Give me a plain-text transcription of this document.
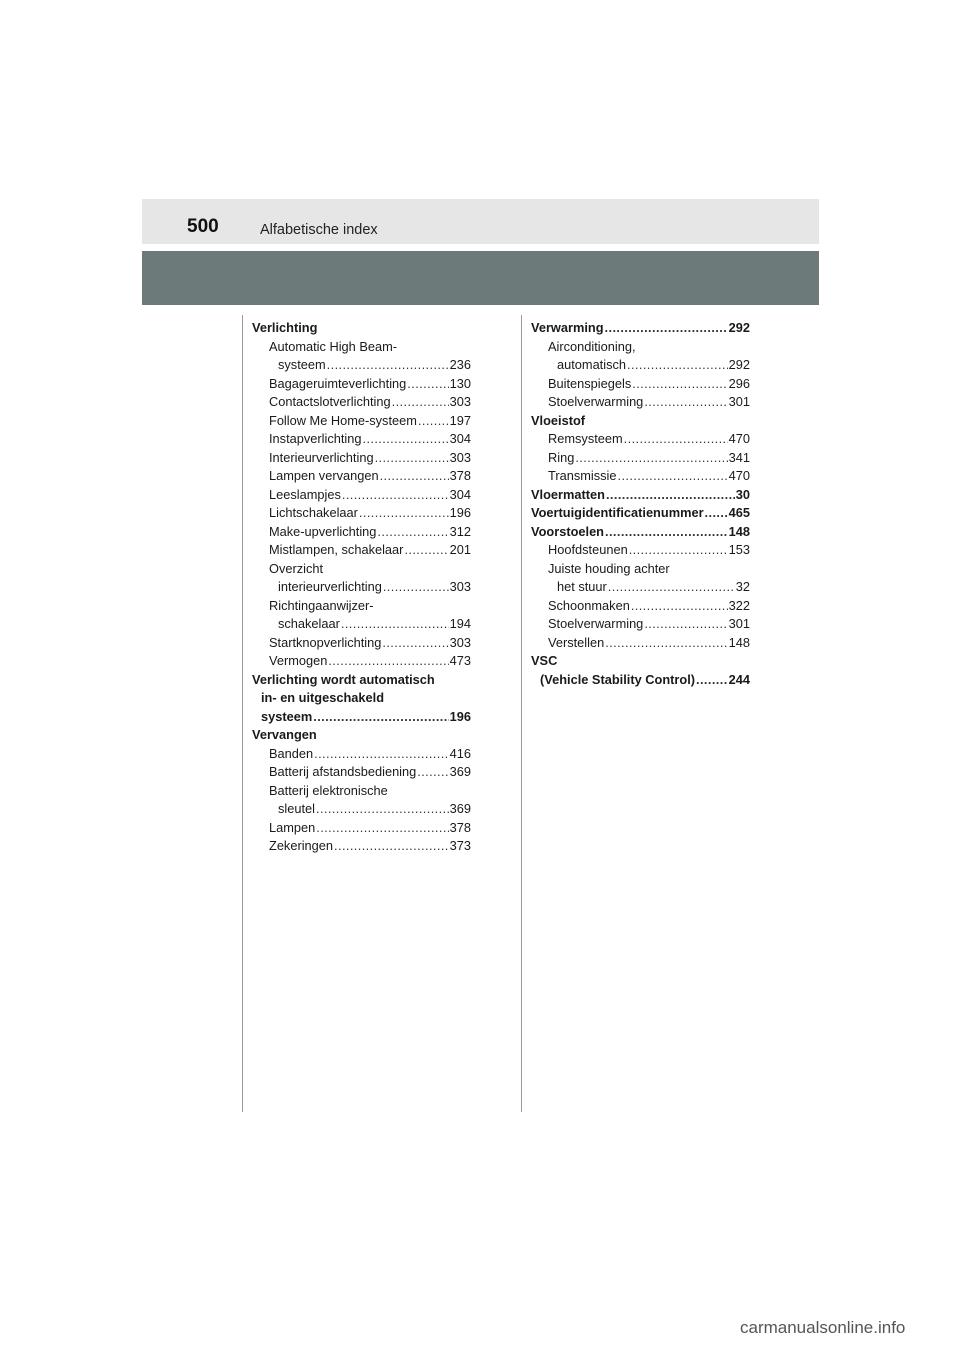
500	Alfabetische index
Verlichting
Automatic High Beam-
systeem .....	236
Bagageruimteverlichting .....	130
Contactslotverlichting .....	303
Follow Me Home-systeem .....	197
Instapverlichting .....	304
Interieurverlichting .....	303
Lampen vervangen .....	378
Leeslampjes .....	304
Lichtschakelaar .....	196
Make-upverlichting .....	312
Mistlampen, schakelaar .....	201
Overzicht
interieurverlichting .....	303
Richtingaanwijzer-
schakelaar .....	194
Startknopverlichting .....	303
Vermogen .....	473
Verlichting wordt automatisch
in- en uitgeschakeld
systeem .....	196
Vervangen
Banden .....	416
Batterij afstandsbediening .....	369
Batterij elektronische
sleutel .....	369
Lampen .....	378
Zekeringen .....	373
Verwarming .....	292
Airconditioning,
automatisch .....	292
Buitenspiegels .....	296
Stoelverwarming .....	301
Vloeistof
Remsysteem .....	470
Ring .....	341
Transmissie .....	470
Vloermatten .....	30
Voertuigidentificatienummer ..... 465
Voorstoelen .....	148
Hoofdsteunen .....	153
Juiste houding achter
het stuur .....	32
Schoonmaken .....	322
Stoelverwarming .....	301
Verstellen .....	148
VSC
(Vehicle Stability Control) .....	244
carmanualsonline.info
